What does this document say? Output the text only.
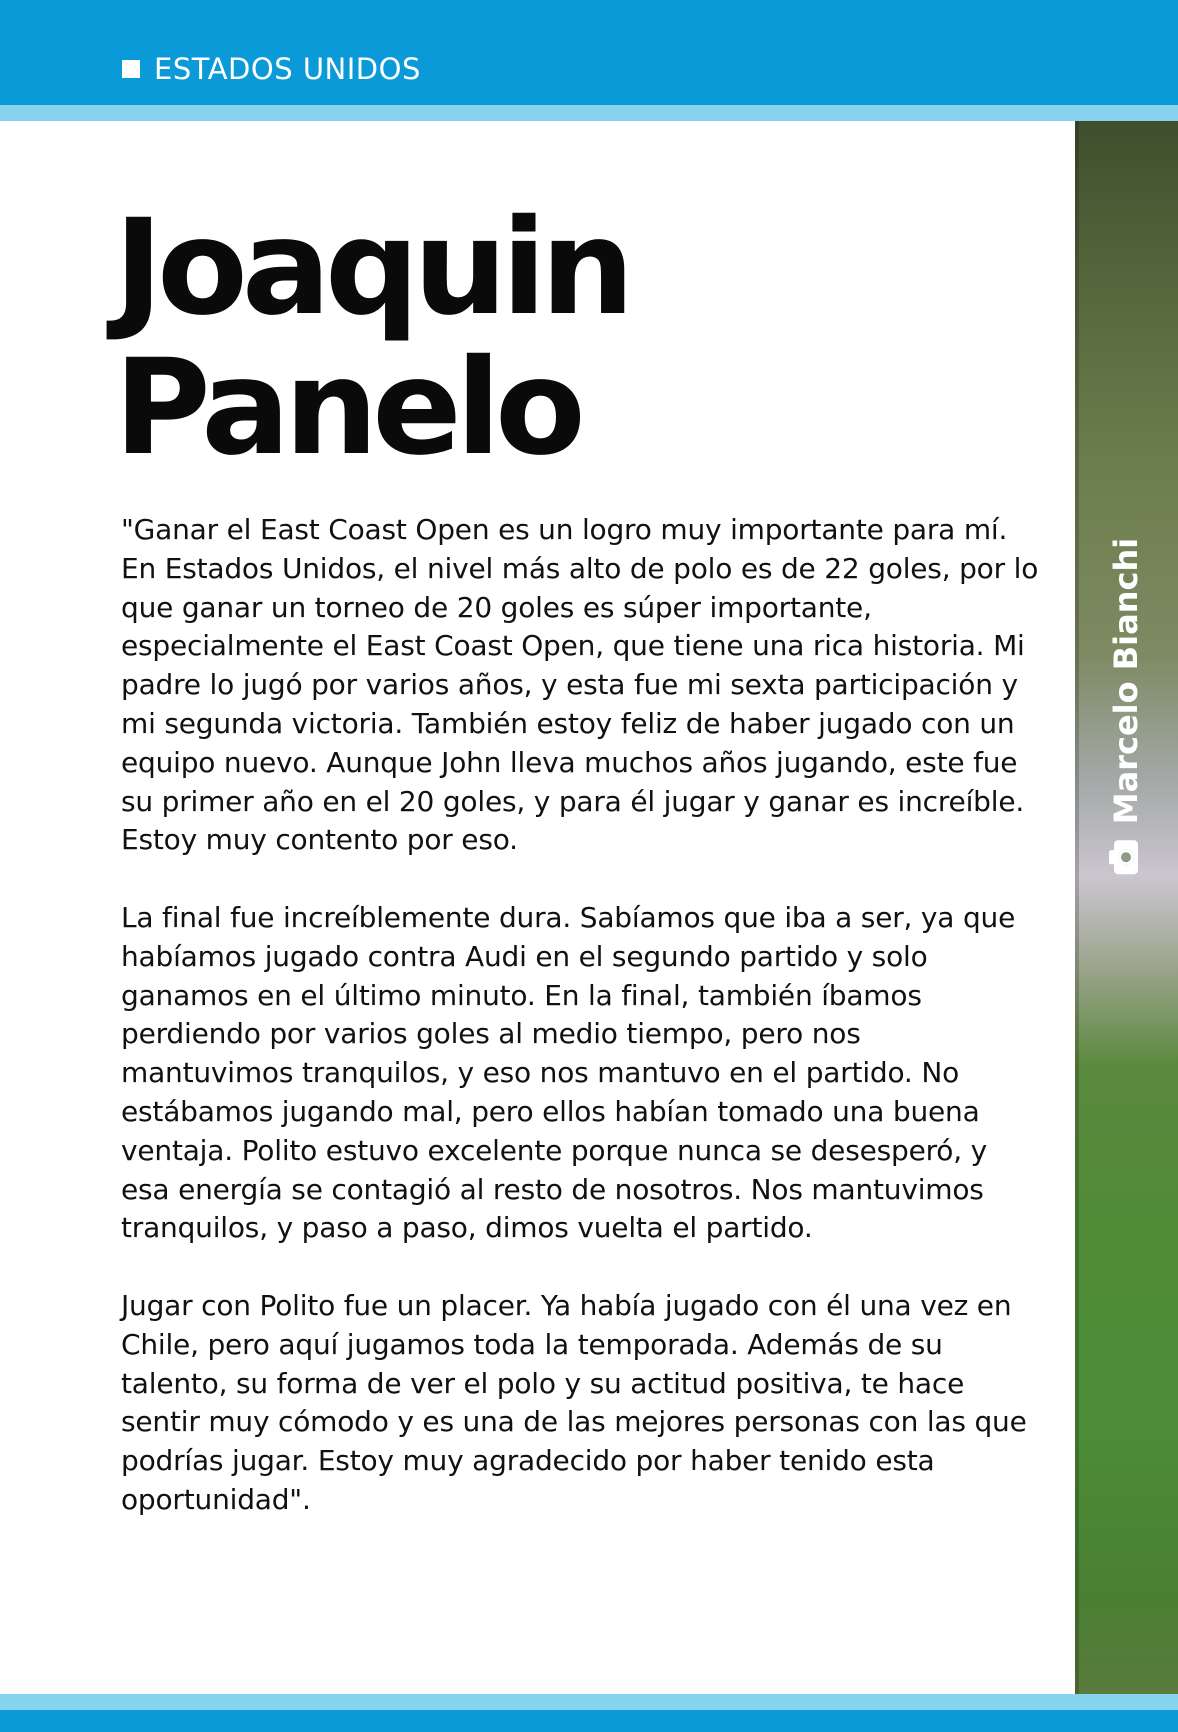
ESTADOS UNIDOS
Marcelo Bianchi
Joaquin
Panelo

"Ganar el East Coast Open es un logro muy importante para mí. En Estados Unidos, el nivel más alto de polo es de 22 goles, por lo que ganar un torneo de 20 goles es súper importante, especialmente el East Coast Open, que tiene una rica historia. Mi padre lo jugó por varios años, y esta fue mi sexta participación y mi segunda victoria. También estoy feliz de haber jugado con un equipo nuevo. Aunque John lleva muchos años jugando, este fue su primer año en el 20 goles, y para él jugar y ganar es increíble. Estoy muy contento por eso.

La final fue increíblemente dura. Sabíamos que iba a ser, ya que habíamos jugado contra Audi en el segundo partido y solo ganamos en el último minuto. En la final, también íbamos perdiendo por varios goles al medio tiempo, pero nos mantuvimos tranquilos, y eso nos mantuvo en el partido. No estábamos jugando mal, pero ellos habían tomado una buena ventaja. Polito estuvo excelente porque nunca se desesperó, y esa energía se contagió al resto de nosotros. Nos mantuvimos tranquilos, y paso a paso, dimos vuelta el partido.

Jugar con Polito fue un placer. Ya había jugado con él una vez en Chile, pero aquí jugamos toda la temporada. Además de su talento, su forma de ver el polo y su actitud positiva, te hace sentir muy cómodo y es una de las mejores personas con las que podrías jugar. Estoy muy agradecido por haber tenido esta oportunidad".
